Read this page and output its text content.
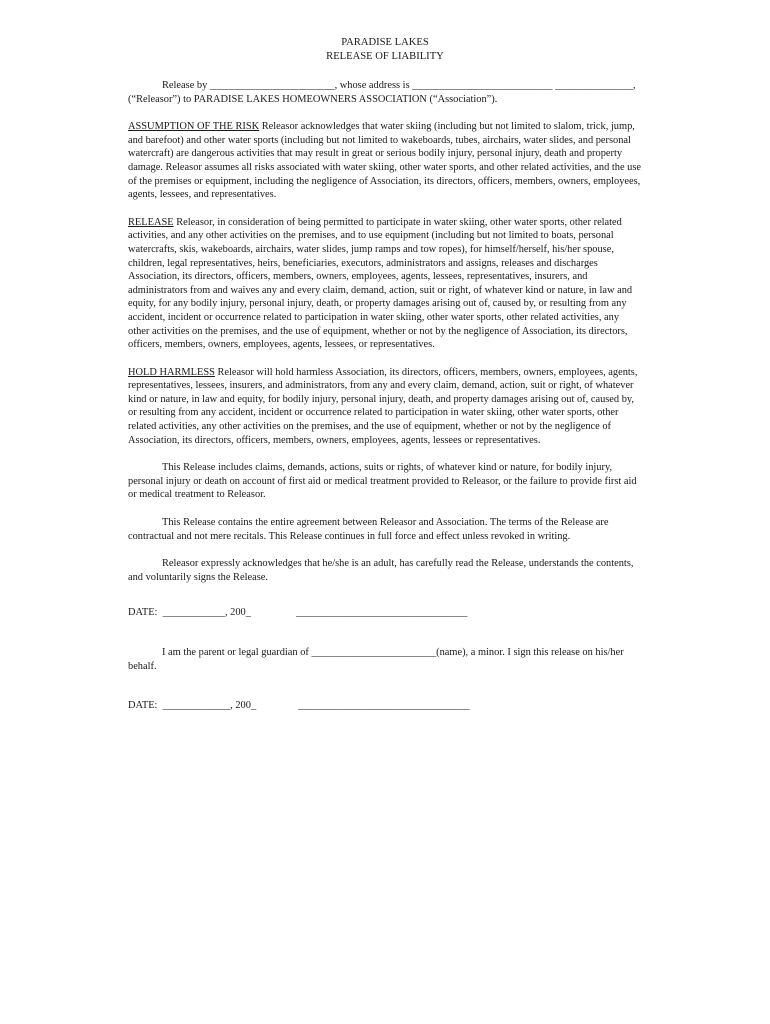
PARADISE LAKES
RELEASE OF LIABILITY
Release by ________________________, whose address is ___________________________ _______________, (“Releasor”) to PARADISE LAKES HOMEOWNERS ASSOCIATION (“Association”).
ASSUMPTION OF THE RISK Releasor acknowledges that water skiing (including but not limited to slalom, trick, jump, and barefoot) and other water sports (including but not limited to wakeboards, tubes, airchairs, water slides, and personal watercraft) are dangerous activities that may result in great or serious bodily injury, personal injury, death and property damage. Releasor assumes all risks associated with water skiing, other water sports, and other related activities, and the use of the premises or equipment, including the negligence of Association, its directors, officers, members, owners, employees, agents, lessees, and representatives.
RELEASE Releasor, in consideration of being permitted to participate in water skiing, other water sports, other related activities, and any other activities on the premises, and to use equipment (including but not limited to boats, personal watercrafts, skis, wakeboards, airchairs, water slides, jump ramps and tow ropes), for himself/herself, his/her spouse, children, legal representatives, heirs, beneficiaries, executors, administrators and assigns, releases and discharges Association, its directors, officers, members, owners, employees, agents, lessees, representatives, insurers, and administrators from and waives any and every claim, demand, action, suit or right, of whatever kind or nature, in law and equity, for any bodily injury, personal injury, death, or property damages arising out of, caused by, or resulting from any accident, incident or occurrence related to participation in water skiing, other water sports, other related activities, any other activities on the premises, and the use of equipment, whether or not by the negligence of Association, its directors, officers, members, owners, employees, agents, lessees, or representatives.
HOLD HARMLESS Releasor will hold harmless Association, its directors, officers, members, owners, employees, agents, representatives, lessees, insurers, and administrators, from any and every claim, demand, action, suit or right, of whatever kind or nature, in law and equity, for bodily injury, personal injury, death, and property damages arising out of, caused by, or resulting from any accident, incident or occurrence related to participation in water skiing, other water sports, other related activities, any other activities on the premises, and the use of equipment, whether or not by the negligence of Association, its directors, officers, members, owners, employees, agents, lessees or representatives.
This Release includes claims, demands, actions, suits or rights, of whatever kind or nature, for bodily injury, personal injury or death on account of first aid or medical treatment provided to Releasor, or the failure to provide first aid or medical treatment to Releasor.
This Release contains the entire agreement between Releasor and Association. The terms of the Release are contractual and not mere recitals. This Release continues in full force and effect unless revoked in writing.
Releasor expressly acknowledges that he/she is an adult, has carefully read the Release, understands the contents, and voluntarily signs the Release.
DATE:  ____________, 200_	_________________________________
I am the parent or legal guardian of ________________________(name), a minor. I sign this release on his/her behalf.
DATE:  _____________, 200_	_________________________________
